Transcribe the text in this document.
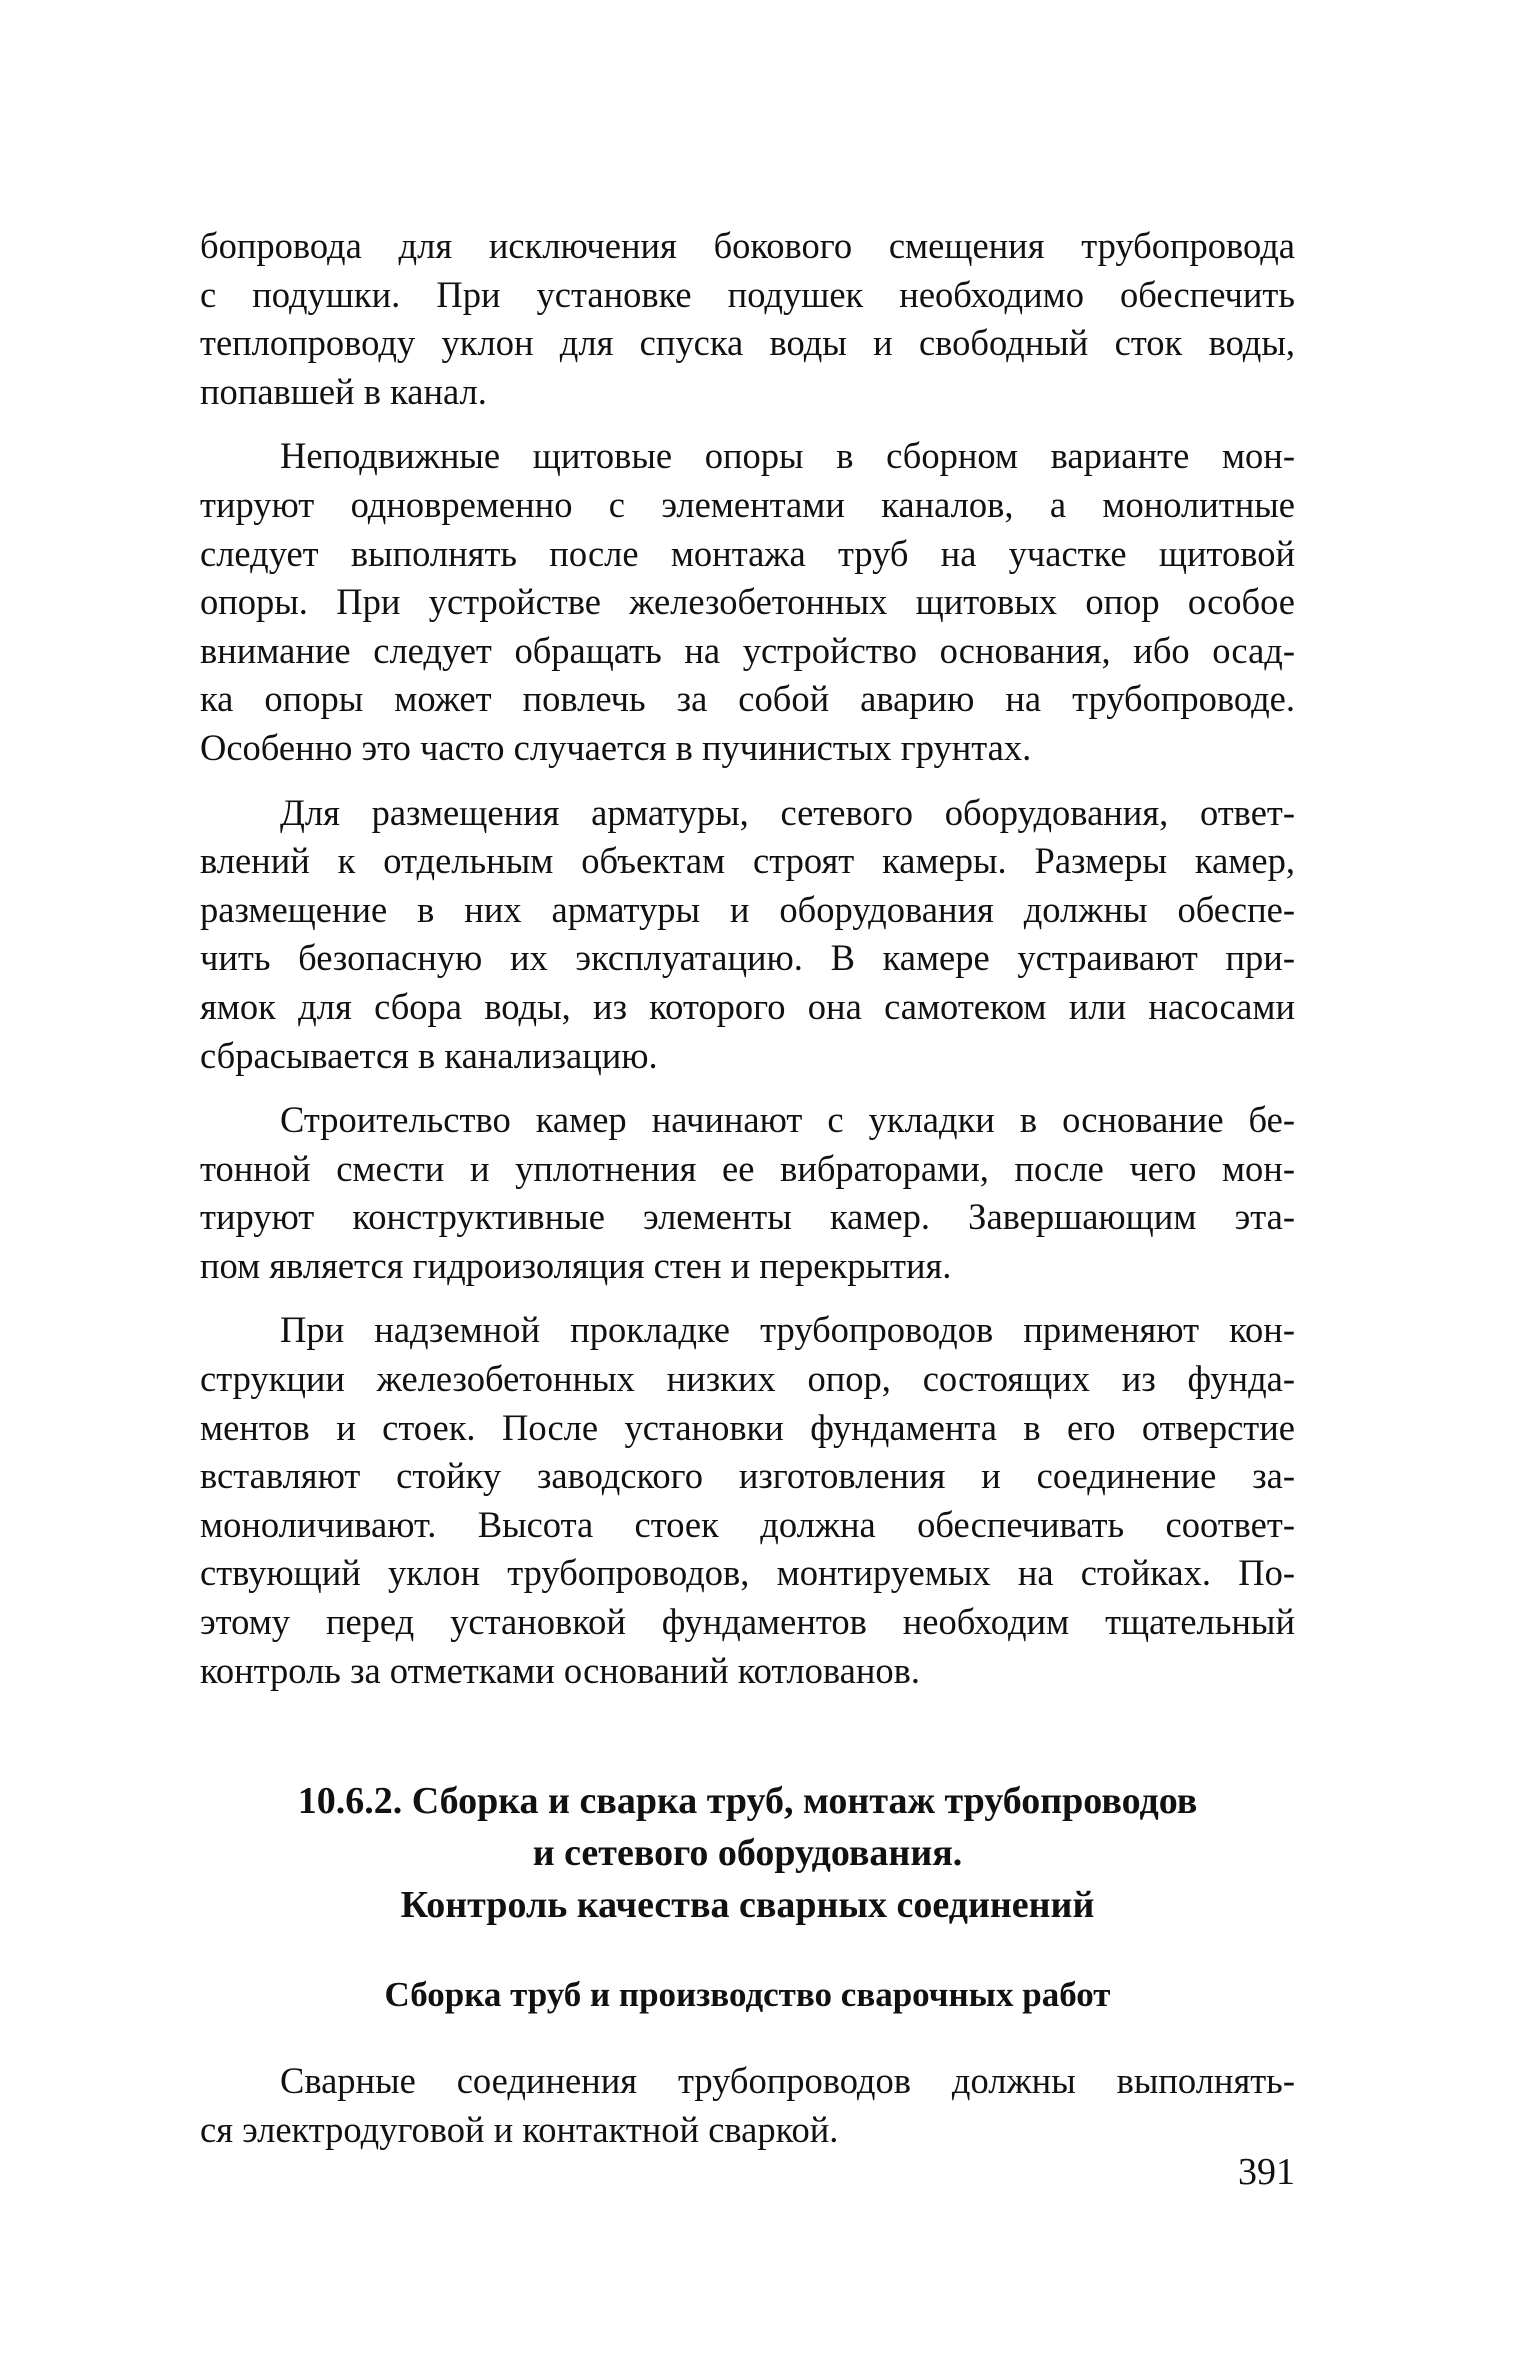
бопровода для исключения бокового смещения трубопровода
с подушки. При установке подушек необходимо обеспечить
теплопроводу уклон для спуска воды и свободный сток воды,
попавшей в канал.

Неподвижные щитовые опоры в сборном варианте мон-
тируют одновременно с элементами каналов, а монолитные
следует выполнять после монтажа труб на участке щитовой
опоры. При устройстве железобетонных щитовых опор особое
внимание следует обращать на устройство основания, ибо осад-
ка опоры может повлечь за собой аварию на трубопроводе.
Особенно это часто случается в пучинистых грунтах.

Для размещения арматуры, сетевого оборудования, ответ-
влений к отдельным объектам строят камеры. Размеры камер,
размещение в них арматуры и оборудования должны обеспе-
чить безопасную их эксплуатацию. В камере устраивают при-
ямок для сбора воды, из которого она самотеком или насосами
сбрасывается в канализацию.

Строительство камер начинают с укладки в основание бе-
тонной смести и уплотнения ее вибраторами, после чего мон-
тируют конструктивные элементы камер. Завершающим эта-
пом является гидроизоляция стен и перекрытия.

При надземной прокладке трубопроводов применяют кон-
струкции железобетонных низких опор, состоящих из фунда-
ментов и стоек. После установки фундамента в его отверстие
вставляют стойку заводского изготовления и соединение за-
моноличивают. Высота стоек должна обеспечивать соответ-
ствующий уклон трубопроводов, монтируемых на стойках. По-
этому перед установкой фундаментов необходим тщательный
контроль за отметками оснований котлованов.

10.6.2. Сборка и сварка труб, монтаж трубопроводов
и сетевого оборудования.
Контроль качества сварных соединений
Сборка труб и производство сварочных работ

Сварные соединения трубопроводов должны выполнять-
ся электродуговой и контактной сваркой.

391
